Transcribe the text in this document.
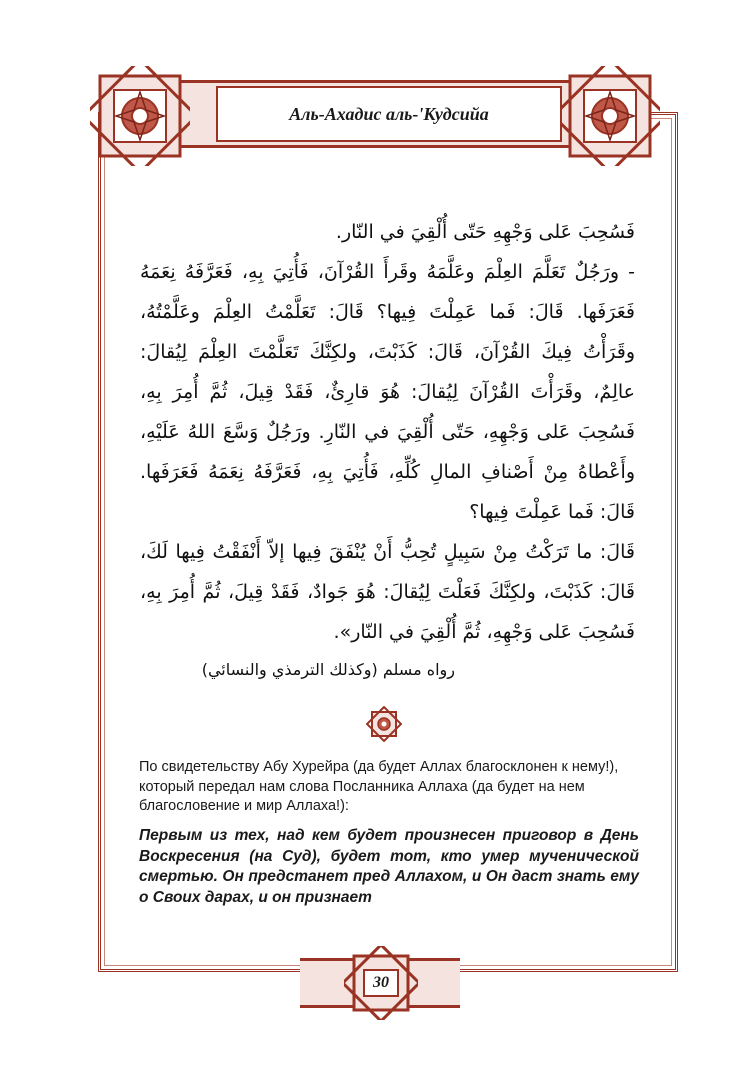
Аль-Ахадис аль-'Кудсийа

فَسُحِبَ عَلى وَجْهِهِ حَتّى أُلْقِيَ في النّار.

- ورَجُلٌ تَعَلَّمَ العِلْمَ وعَلَّمَهُ وقَرأَ القُرْآنَ، فَأُتِيَ بِهِ، فَعَرَّفَهُ نِعَمَهُ فَعَرَفَها. قَالَ: فَما عَمِلْتَ فِيها؟ قَالَ: تَعَلَّمْتُ العِلْمَ وعَلَّمْتُهُ، وقَرَأْتُ فِيكَ القُرْآنَ، قَالَ: كَذَبْتَ، ولكِنَّكَ تَعَلَّمْتَ العِلْمَ لِيُقالَ: عالِمٌ، وقَرَأْتَ القُرْآنَ لِيُقالَ: هُوَ قارِئٌ، فَقَدْ قِيلَ، ثُمَّ أُمِرَ بِهِ، فَسُحِبَ عَلى وَجْهِهِ، حَتّى أُلْقِيَ في النّارِ. ورَجُلٌ وَسَّعَ اللهُ عَلَيْهِ، وأَعْطاهُ مِنْ أَصْنافِ المالِ كُلِّهِ، فَأُتِيَ بِهِ، فَعَرَّفَهُ نِعَمَهُ فَعَرَفَها. قَالَ: فَما عَمِلْتَ فِيها؟

قَالَ: ما تَرَكْتُ مِنْ سَبِيلٍ تُحِبُّ أَنْ يُنْفَقَ فِيها إلاّ أَنْفَقْتُ فِيها لَكَ، قَالَ: كَذَبْتَ، ولكِنَّكَ فَعَلْتَ لِيُقالَ: هُوَ جَوادٌ، فَقَدْ قِيلَ، ثُمَّ أُمِرَ بِهِ، فَسُحِبَ عَلى وَجْهِهِ، ثُمَّ أُلْقِيَ في النّار».

رواه مسلم (وكذلك الترمذي والنسائي)
По свидетельству Абу Хурейра (да будет Аллах благосклонен к нему!), который передал нам слова Посланника Аллаха (да будет на нем благословение и мир Аллаха!):
Первым из тех, над кем будет произнесен приговор в День Воскресения (на Суд), будет тот, кто умер мученической смертью. Он предстанет пред Аллахом, и Он даст знать ему о Своих дарах, и он признает
30
